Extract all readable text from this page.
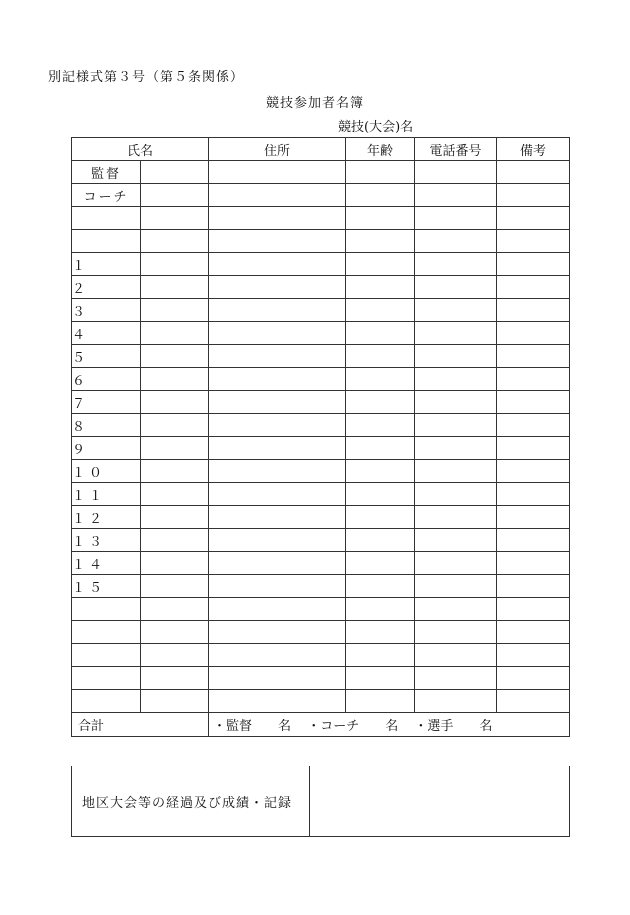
別記様式第３号（第５条関係）
競技参加者名簿
競技(大会)名
氏名		住所	年齢	電話番号	備考
監督					
コーチ					

１					
２					
３					
４					
５					
６					
７					
８					
９					
１０					
１１					
１２					
１３					
１４					
１５					

合計		・監督 名 ・コーチ 名 ・選手 名			
地区大会等の経過及び成績・記録	
